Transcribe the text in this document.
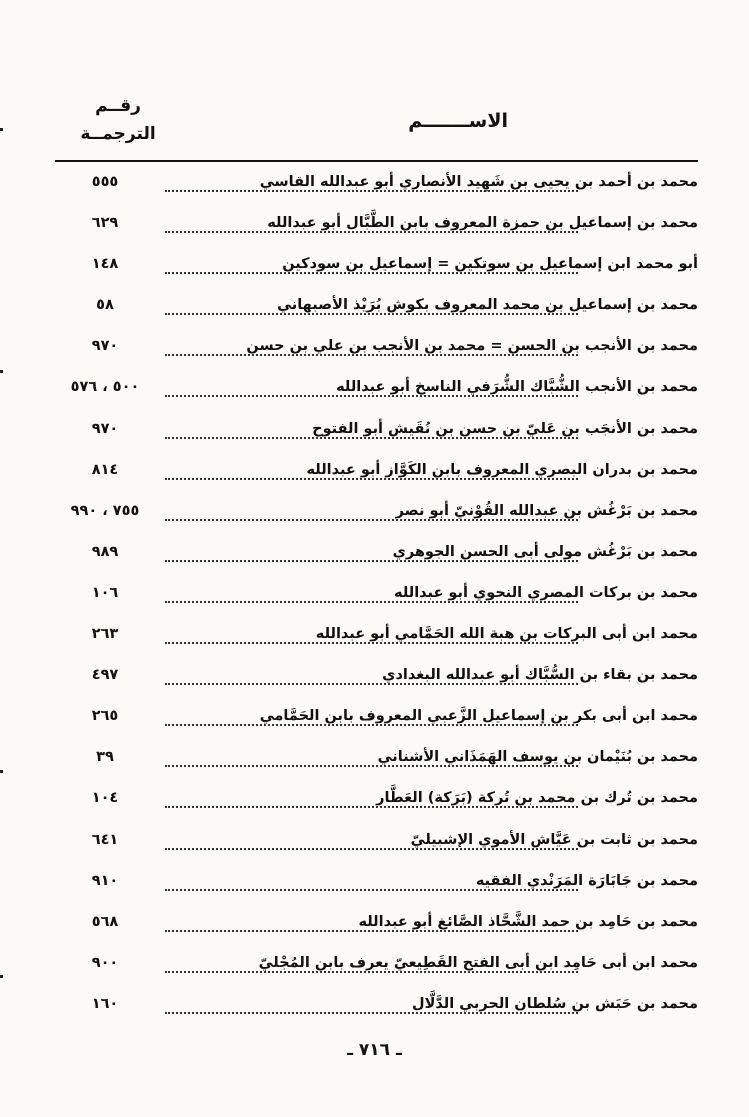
الاســـــــم
رقــم
الترجمــة
محمد بن أحمد بن يحيى بن شَهِيد الأنصاري أبو عبدالله القاسي
٥٥٥
محمد بن إسماعيل بن حمزة المعروف بابن الطَّبَّال أبو عبدالله
٦٢٩
أبو محمد ابن إسماعيل بن سوتكين = إسماعيل بن سودكين
١٤٨
محمد بن إسماعيل بن محمد المعروف بكوش بُرَيْذ الأصبهاني
٥٨
محمد بن الأنجب بن الحسن = محمد بن الأنجب بن علي بن حسن
٩٧٠
محمد بن الأنجب الشُّبَّاك الشُّرَفي الناسخ أبو عبدالله
٥٠٠ ، ٥٧٦
محمد بن الأنجَب بن عَليّ بن حسن بن نُقَيش أبو الفتوح
٩٧٠
محمد بن بدران البصري المعروف بابن الكَوَّاز أبو عبدالله
٨١٤
محمد بن بَرْغُش بن عبدالله القُوْنيّ أبو نصر
٧٥٥ ، ٩٩٠
محمد بن بَرْغُش مولى أبى الحسن الجوهري
٩٨٩
محمد بن بركات المصري النحوي أبو عبدالله
١٠٦
محمد ابن أبى البركات بن هبة الله الحَمَّامي أبو عبدالله
٢٦٣
محمد بن بقاء بن السُّبَّاك أبو عبدالله البغدادي
٤٩٧
محمد ابن أبى بكر بن إسماعيل الزَّعبي المعروف بابن الحَمَّامي
٢٦٥
محمد بن بُنَيْمان بن يوسف الهَمَذَاني الأشناني
٣٩
محمد بن تُرك بن محمد بن تُركة (بَرَكة) العَطَّار
١٠٤
محمد بن ثابت بن عَيَّاش الأموي الإشبيليّ
٦٤١
محمد بن جَابَارَة المَرَنْدي الفقيه
٩١٠
محمد بن حَامِد بن حمد الشَّحَّاذ الصَّائغ أبو عبدالله
٥٦٨
محمد ابن أبى حَامِد ابن أبى الفتح القَطِيعيّ يعرف بابن المُجْليّ
٩٠٠
محمد بن حَبَش بن سُلطان الحربي الدَّلَّال
١٦٠
ـ ٧١٦ ـ
